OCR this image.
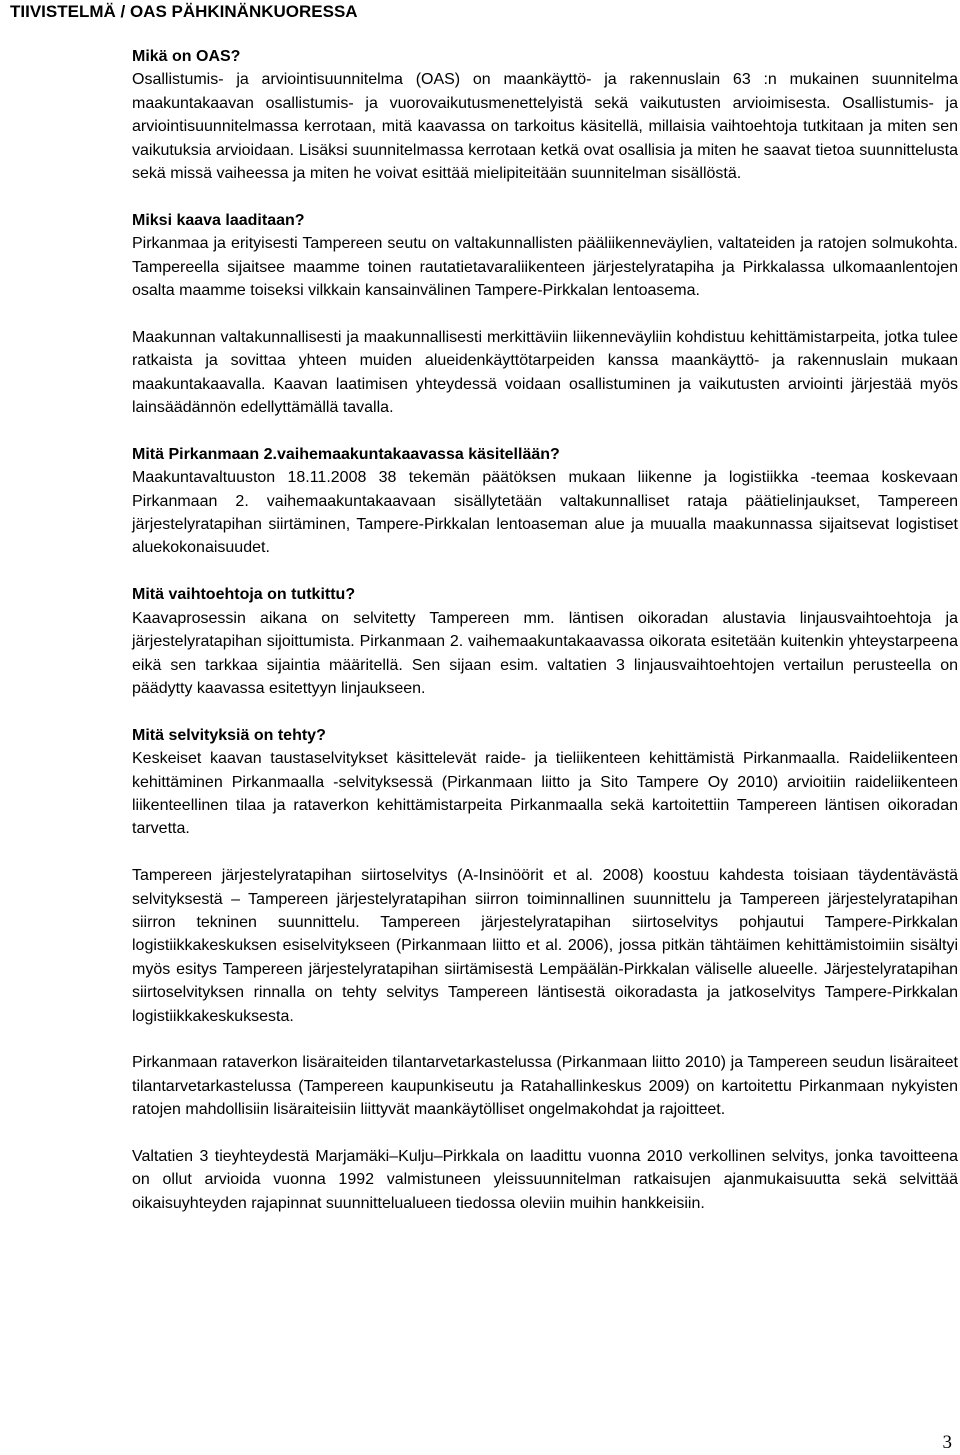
TIIVISTELMÄ / OAS PÄHKINÄNKUORESSA
Mikä on OAS?

Osallistumis- ja arviointisuunnitelma (OAS) on maankäyttö- ja rakennuslain 63 :n mukainen suunnitelma maakuntakaavan osallistumis- ja vuorovaikutusmenettelyistä sekä vaikutusten arvioimisesta. Osallistumis- ja arviointisuunnitelmassa kerrotaan, mitä kaavassa on tarkoitus käsitellä, millaisia vaihtoehtoja tutkitaan ja miten sen vaikutuksia arvioidaan. Lisäksi suunnitelmassa kerrotaan ketkä ovat osallisia ja miten he saavat tietoa suunnittelusta sekä missä vaiheessa ja miten he voivat esittää mielipiteitään suunnitelman sisällöstä.

Miksi kaava laaditaan?

Pirkanmaa ja erityisesti Tampereen seutu on valtakunnallisten pääliikenneväylien, valtateiden ja ratojen solmukohta. Tampereella sijaitsee maamme toinen rautatietavaraliikenteen järjestelyratapiha ja Pirkkalassa ulkomaanlentojen osalta maamme toiseksi vilkkain kansainvälinen Tampere-Pirkkalan lentoasema.

Maakunnan valtakunnallisesti ja maakunnallisesti merkittäviin liikenneväyliin kohdistuu kehittämistarpeita, jotka tulee ratkaista ja sovittaa yhteen muiden alueidenkäyttötarpeiden kanssa maankäyttö- ja rakennuslain mukaan maakuntakaavalla. Kaavan laatimisen yhteydessä voidaan osallistuminen ja vaikutusten arviointi järjestää myös lainsäädännön edellyttämällä tavalla.

Mitä Pirkanmaan 2.vaihemaakuntakaavassa käsitellään?

Maakuntavaltuuston 18.11.2008 38 tekemän päätöksen mukaan liikenne ja logistiikka -teemaa koskevaan Pirkanmaan 2. vaihemaakuntakaavaan sisällytetään valtakunnalliset rataja päätielinjaukset, Tampereen järjestelyratapihan siirtäminen, Tampere-Pirkkalan lentoaseman alue ja muualla maakunnassa sijaitsevat logistiset aluekokonaisuudet.

Mitä vaihtoehtoja on tutkittu?

Kaavaprosessin aikana on selvitetty Tampereen mm. läntisen oikoradan alustavia linjausvaihtoehtoja ja järjestelyratapihan sijoittumista. Pirkanmaan 2. vaihemaakuntakaavassa oikorata esitetään kuitenkin yhteystarpeena eikä sen tarkkaa sijaintia määritellä. Sen sijaan esim. valtatien 3 linjausvaihtoehtojen vertailun perusteella on päädytty kaavassa esitettyyn linjaukseen.

Mitä selvityksiä on tehty?

Keskeiset kaavan taustaselvitykset käsittelevät raide- ja tieliikenteen kehittämistä Pirkanmaalla. Raideliikenteen kehittäminen Pirkanmaalla -selvityksessä (Pirkanmaan liitto ja Sito Tampere Oy 2010) arvioitiin raideliikenteen liikenteellinen tilaa ja rataverkon kehittämistarpeita Pirkanmaalla sekä kartoitettiin Tampereen läntisen oikoradan tarvetta.

Tampereen järjestelyratapihan siirtoselvitys (A-Insinöörit et al. 2008) koostuu kahdesta toisiaan täydentävästä selvityksestä – Tampereen järjestelyratapihan siirron toiminnallinen suunnittelu ja Tampereen järjestelyratapihan siirron tekninen suunnittelu. Tampereen järjestelyratapihan siirtoselvitys pohjautui Tampere-Pirkkalan logistiikkakeskuksen esiselvitykseen (Pirkanmaan liitto et al. 2006), jossa pitkän tähtäimen kehittämistoimiin sisältyi myös esitys Tampereen järjestelyratapihan siirtämisestä Lempäälän-Pirkkalan väliselle alueelle. Järjestelyratapihan siirtoselvityksen rinnalla on tehty selvitys Tampereen läntisestä oikoradasta ja jatkoselvitys Tampere-Pirkkalan logistiikkakeskuksesta.

Pirkanmaan rataverkon lisäraiteiden tilantarvetarkastelussa (Pirkanmaan liitto 2010) ja Tampereen seudun lisäraiteet tilantarvetarkastelussa (Tampereen kaupunkiseutu ja Ratahallinkeskus 2009) on kartoitettu Pirkanmaan nykyisten ratojen mahdollisiin lisäraiteisiin liittyvät maankäytölliset ongelmakohdat ja rajoitteet.

Valtatien 3 tieyhteydestä Marjamäki–Kulju–Pirkkala on laadittu vuonna 2010 verkollinen selvitys, jonka tavoitteena on ollut arvioida vuonna 1992 valmistuneen yleissuunnitelman ratkaisujen ajanmukaisuutta sekä selvittää oikaisuyhteyden rajapinnat suunnittelualueen tiedossa oleviin muihin hankkeisiin.

3
